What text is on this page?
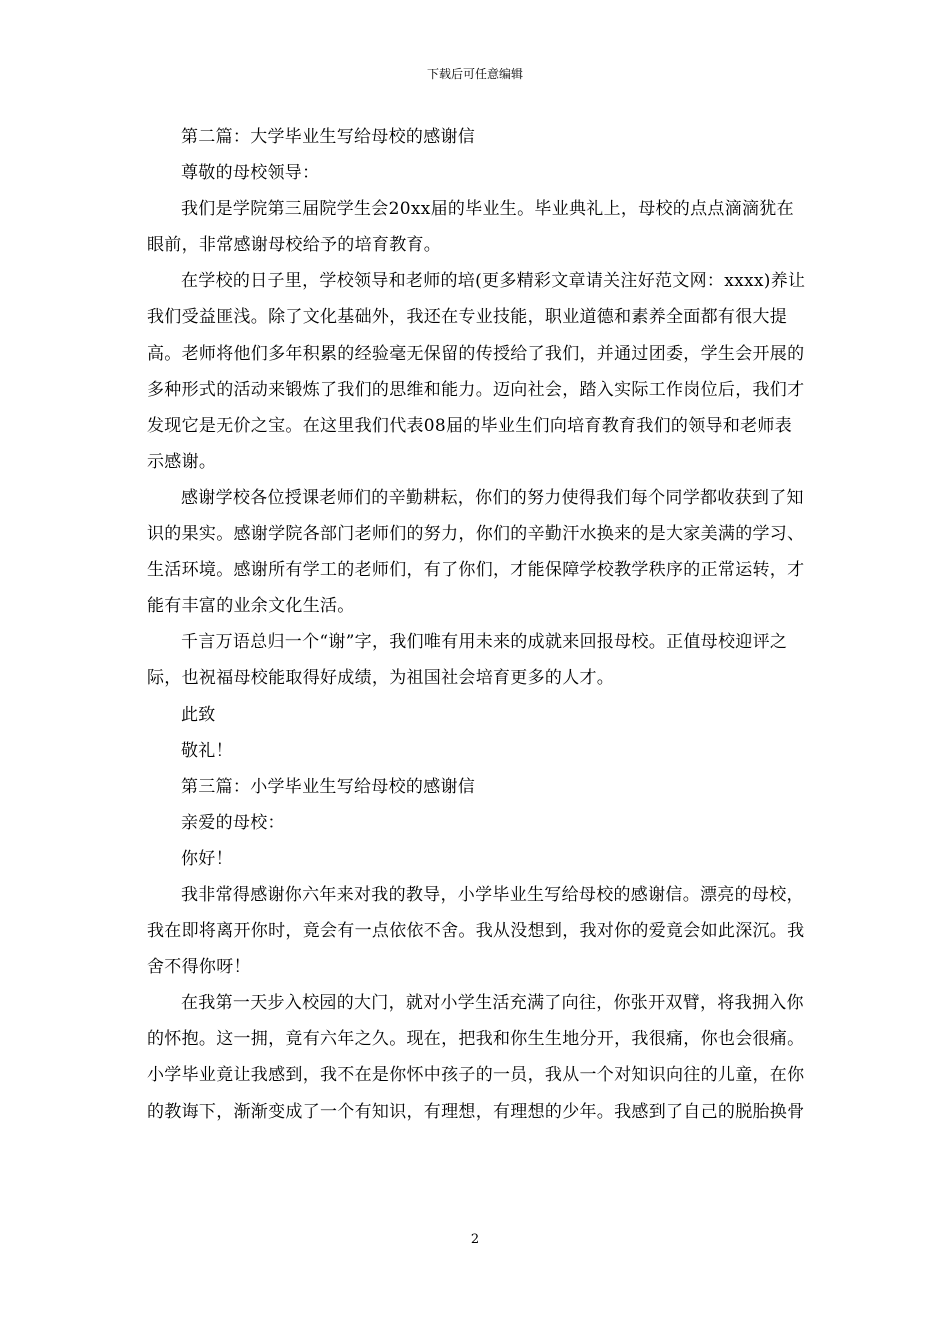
下载后可任意编辑

第二篇：大学毕业生写给母校的感谢信

尊敬的母校领导：

我们是学院第三届院学生会20xx届的毕业生。毕业典礼上，母校的点点滴滴犹在眼前，非常感谢母校给予的培育教育。

在学校的日子里，学校领导和老师的培(更多精彩文章请关注好范文网：xxxx)养让我们受益匪浅。除了文化基础外，我还在专业技能，职业道德和素养全面都有很大提高。老师将他们多年积累的经验毫无保留的传授给了我们，并通过团委，学生会开展的多种形式的活动来锻炼了我们的思维和能力。迈向社会，踏入实际工作岗位后，我们才发现它是无价之宝。在这里我们代表08届的毕业生们向培育教育我们的领导和老师表示感谢。

感谢学校各位授课老师们的辛勤耕耘，你们的努力使得我们每个同学都收获到了知识的果实。感谢学院各部门老师们的努力，你们的辛勤汗水换来的是大家美满的学习、生活环境。感谢所有学工的老师们，有了你们，才能保障学校教学秩序的正常运转，才能有丰富的业余文化生活。

千言万语总归一个“谢”字，我们唯有用未来的成就来回报母校。正值母校迎评之际，也祝福母校能取得好成绩，为祖国社会培育更多的人才。

此致

敬礼！

第三篇：小学毕业生写给母校的感谢信

亲爱的母校：

你好！

我非常得感谢你六年来对我的教导，小学毕业生写给母校的感谢信。漂亮的母校，我在即将离开你时，竟会有一点依依不舍。我从没想到，我对你的爱竟会如此深沉。我舍不得你呀！

在我第一天步入校园的大门，就对小学生活充满了向往，你张开双臂，将我拥入你的怀抱。这一拥，竟有六年之久。现在，把我和你生生地分开，我很痛，你也会很痛。小学毕业竟让我感到，我不在是你怀中孩子的一员，我从一个对知识向往的儿童，在你的教诲下，渐渐变成了一个有知识，有理想，有理想的少年。我感到了自己的脱胎换骨

2
